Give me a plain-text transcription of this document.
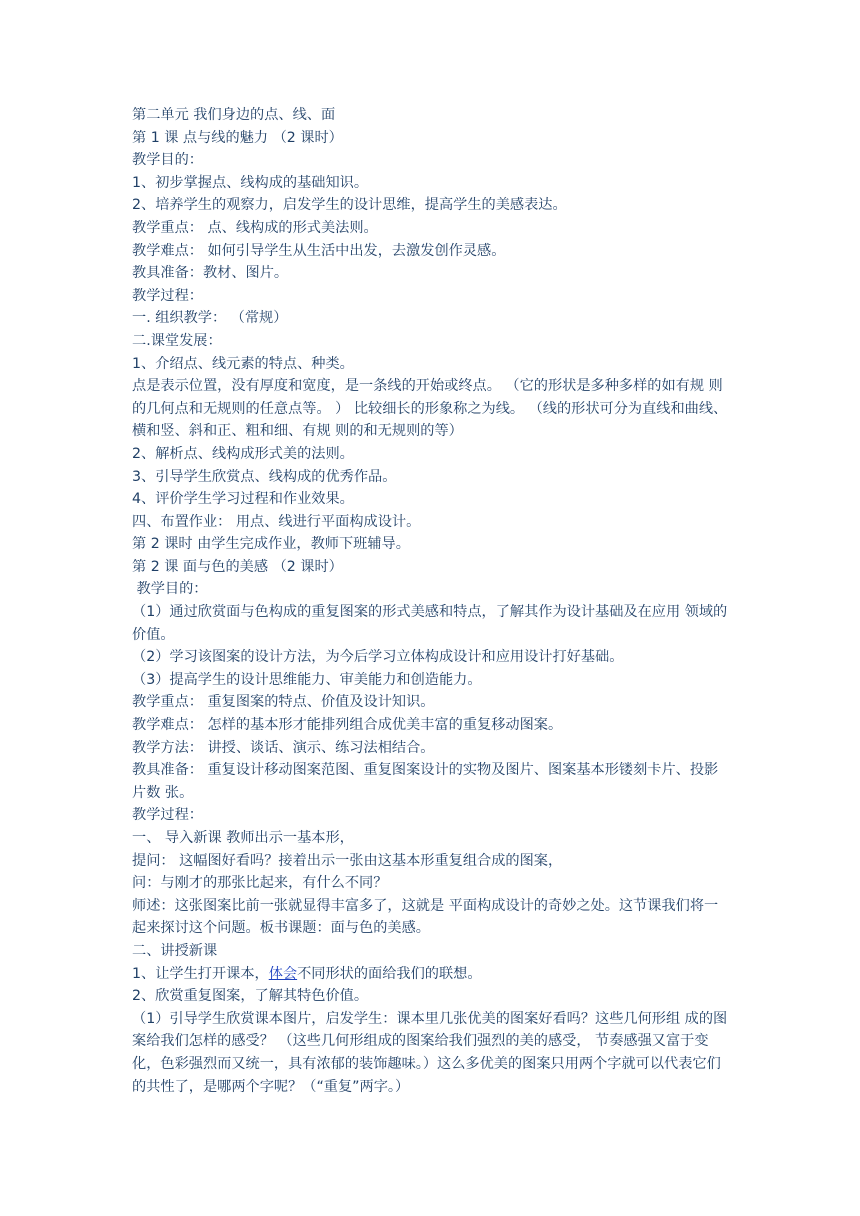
第二单元 我们身边的点、线、面

第 1 课 点与线的魅力 （2 课时）

教学目的：

1、初步掌握点、线构成的基础知识。

2、培养学生的观察力，启发学生的设计思维，提高学生的美感表达。

教学重点： 点、线构成的形式美法则。

教学难点： 如何引导学生从生活中出发，去激发创作灵感。

教具准备：教材、图片。

教学过程：

一. 组织教学： （常规）

二.课堂发展：

1、介绍点、线元素的特点、种类。

点是表示位置，没有厚度和宽度，是一条线的开始或终点。 （它的形状是多种多样的如有规 则的几何点和无规则的任意点等。 ） 比较细长的形象称之为线。 （线的形状可分为直线和曲线、横和竖、斜和正、粗和细、有规 则的和无规则的等）

2、解析点、线构成形式美的法则。

3、引导学生欣赏点、线构成的优秀作品。

4、评价学生学习过程和作业效果。

四、布置作业： 用点、线进行平面构成设计。

第 2 课时 由学生完成作业，教师下班辅导。

第 2 课 面与色的美感 （2 课时）

教学目的：

（1）通过欣赏面与色构成的重复图案的形式美感和特点，了解其作为设计基础及在应用 领域的价值。

（2）学习该图案的设计方法，为今后学习立体构成设计和应用设计打好基础。

（3）提高学生的设计思维能力、审美能力和创造能力。

教学重点： 重复图案的特点、价值及设计知识。

教学难点： 怎样的基本形才能排列组合成优美丰富的重复移动图案。

教学方法： 讲授、谈话、演示、练习法相结合。

教具准备： 重复设计移动图案范图、重复图案设计的实物及图片、图案基本形镂刻卡片、投影片数 张。

教学过程：

一、 导入新课 教师出示一基本形，

提问： 这幅图好看吗？接着出示一张由这基本形重复组合成的图案，

问：与刚才的那张比起来，有什么不同？

师述：这张图案比前一张就显得丰富多了，这就是 平面构成设计的奇妙之处。这节课我们将一起来探讨这个问题。板书课题：面与色的美感。

二、讲授新课

1、让学生打开课本，体会不同形状的面给我们的联想。

2、欣赏重复图案，了解其特色价值。

（1）引导学生欣赏课本图片，启发学生：课本里几张优美的图案好看吗？这些几何形组 成的图案给我们怎样的感受？ （这些几何形组成的图案给我们强烈的美的感受， 节奏感强又富于变化，色彩强烈而又统一，具有浓郁的装饰趣味。）这么多优美的图案只用两个字就可以代表它们的共性了，是哪两个字呢？（“重复”两字。）
